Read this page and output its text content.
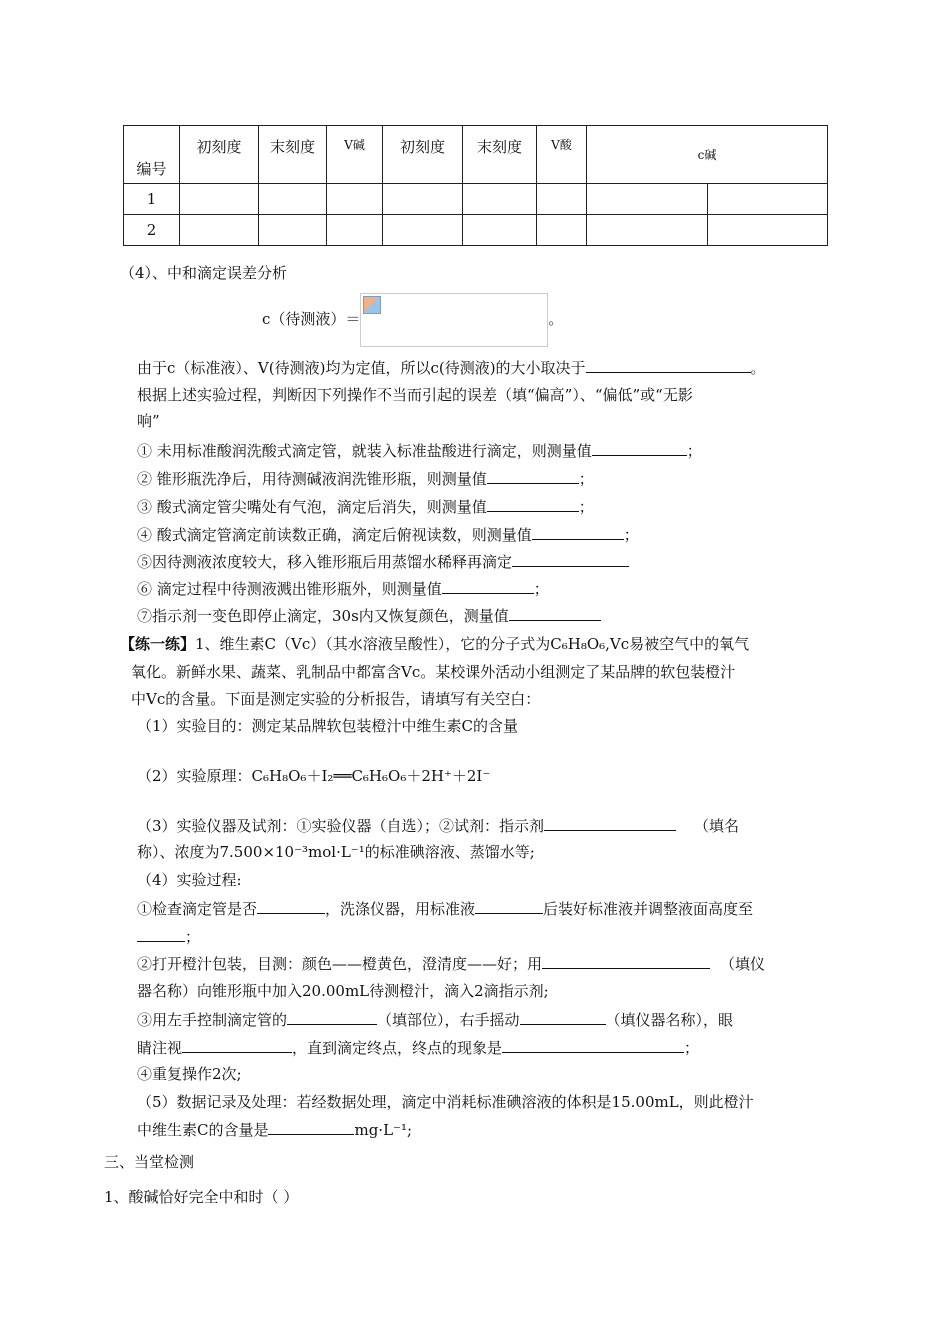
编号	初刻度	末刻度	V碱	初刻度	末刻度	V酸	c碱	
1								
2								
（4）、中和滴定误差分析
c（待测液）＝	。
由于c（标准液）、V(待测液)均为定值，所以c(待测液)的大小取决于	。
根据上述实验过程，判断因下列操作不当而引起的误差（填“偏高”）、“偏低”或“无影
响”
① 未用标准酸润洗酸式滴定管，就装入标准盐酸进行滴定，则测量值	；
② 锥形瓶洗净后，用待测碱液润洗锥形瓶，则测量值	；
③ 酸式滴定管尖嘴处有气泡，滴定后消失，则测量值	；
④ 酸式滴定管滴定前读数正确，滴定后俯视读数，则测量值	；
⑤因待测液浓度较大，移入锥形瓶后用蒸馏水稀释再滴定
⑥ 滴定过程中待测液溅出锥形瓶外，则测量值	；
⑦指示剂一变色即停止滴定，30s内又恢复颜色，测量值
【练一练】1、维生素C（Vc）（其水溶液呈酸性），它的分子式为C₆H₈O₆,Vc易被空气中的氧气
氧化。新鲜水果、蔬菜、乳制品中都富含Vc。某校课外活动小组测定了某品牌的软包装橙汁
中Vc的含量。下面是测定实验的分析报告，请填写有关空白：
（1）实验目的：测定某品牌软包装橙汁中维生素C的含量
（2）实验原理：C₆H₈O₆＋I₂══C₆H₆O₆＋2H⁺＋2I⁻
（3）实验仪器及试剂：①实验仪器（自选）；②试剂：指示剂	（填名
称）、浓度为7.500×10⁻³mol·L⁻¹的标准碘溶液、蒸馏水等;
（4）实验过程:
①检查滴定管是否	，洗涤仪器，用标准液	后装好标准液并调整液面高度至
；
②打开橙汁包装，目测：颜色——橙黄色，澄清度——好；用	（填仪
器名称）向锥形瓶中加入20.00mL待测橙汁，滴入2滴指示剂;
③用左手控制滴定管的	（填部位），右手摇动	（填仪器名称），眼
睛注视	，直到滴定终点，终点的现象是	；
④重复操作2次;
（5）数据记录及处理：若经数据处理，滴定中消耗标准碘溶液的体积是15.00mL，则此橙汁
中维生素C的含量是	mg·L⁻¹;
三、当堂检测
1、酸碱恰好完全中和时（ ）
